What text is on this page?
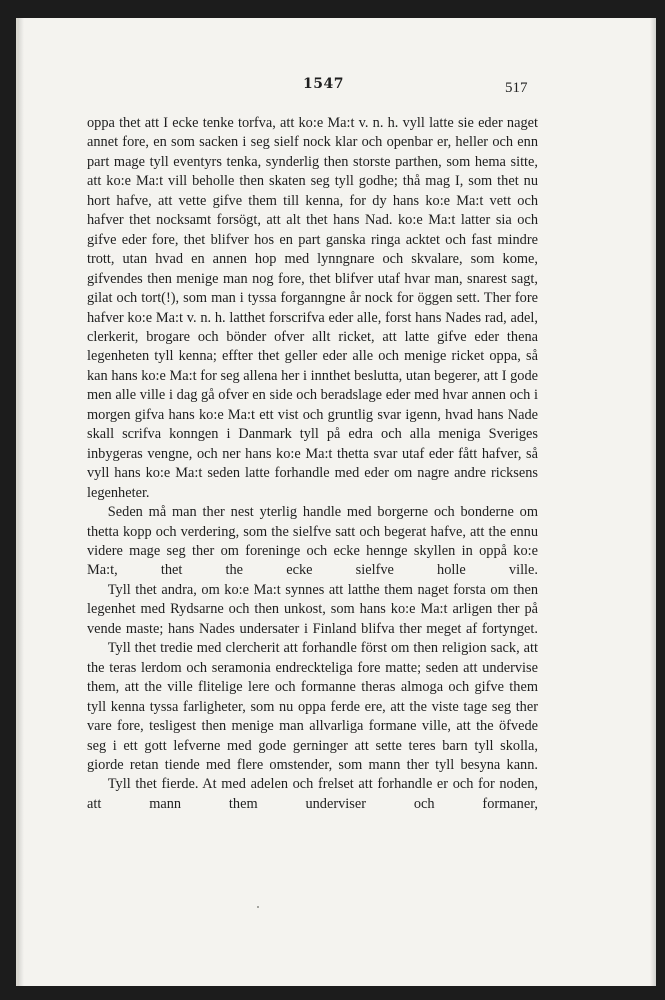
1547	517

oppa thet att I ecke tenke torfva, att ko:e Ma:t v. n. h. vyll latte sie eder naget annet fore, en som sacken i seg sielf nock klar och openbar er, heller och enn part mage tyll eventyrs tenka, synderlig then storste parthen, som hema sitte, att ko:e Ma:t vill beholle then skaten seg tyll godhe; thå mag I, som thet nu hort hafve, att vette gifve them till kenna, for dy hans ko:e Ma:t vett och hafver thet nocksamt forsögt, att alt thet hans Nad. ko:e Ma:t latter sia och gifve eder fore, thet blifver hos en part ganska ringa acktet och fast mindre trott, utan hvad en annen hop med lynngnare och skvalare, som kome, gifvendes then menige man nog fore, thet blifver utaf hvar man, snarest sagt, gilat och tort(!), som man i tyssa forganngne år nock for öggen sett. Ther fore hafver ko:e Ma:t v. n. h. latthet forscrifva eder alle, forst hans Nades rad, adel, clerkerit, brogare och bönder ofver allt ricket, att latte gifve eder thena legenheten tyll kenna; effter thet geller eder alle och menige ricket oppa, så kan hans ko:e Ma:t for seg allena her i innthet beslutta, utan begerer, att I gode men alle ville i dag gå ofver en side och beradslage eder med hvar annen och i morgen gifva hans ko:e Ma:t ett vist och gruntlig svar igenn, hvad hans Nade skall scrifva konngen i Danmark tyll på edra och alla meniga Sveriges inbygeras vengne, och ner hans ko:e Ma:t thetta svar utaf eder fått hafver, så vyll hans ko:e Ma:t seden latte forhandle med eder om nagre andre ricksens legenheter.

Seden må man ther nest yterlig handle med borgerne och bonderne om thetta kopp och verdering, som the sielfve satt och begerat hafve, att the ennu videre mage seg ther om foreninge och ecke hennge skyllen in oppå ko:e Ma:t, thet the ecke sielfve holle ville.

Tyll thet andra, om ko:e Ma:t synnes att latthe them naget forsta om then legenhet med Rydsarne och then unkost, som hans ko:e Ma:t arligen ther på vende maste; hans Nades undersater i Finland blifva ther meget af fortynget.

Tyll thet tredie med clercherit att forhandle först om then religion sack, att the teras lerdom och seramonia endreckteliga fore matte; seden att undervise them, att the ville flitelige lere och formanne theras almoga och gifve them tyll kenna tyssa farligheter, som nu oppa ferde ere, att the viste tage seg ther vare fore, tesligest then menige man allvarliga formane ville, att the öfvede seg i ett gott lefverne med gode gerninger att sette teres barn tyll skolla, giorde retan tiende med flere omstender, som mann ther tyll besyna kann.

Tyll thet fierde. At med adelen och frelset att forhandle er och for noden, att mann them underviser och formaner,
